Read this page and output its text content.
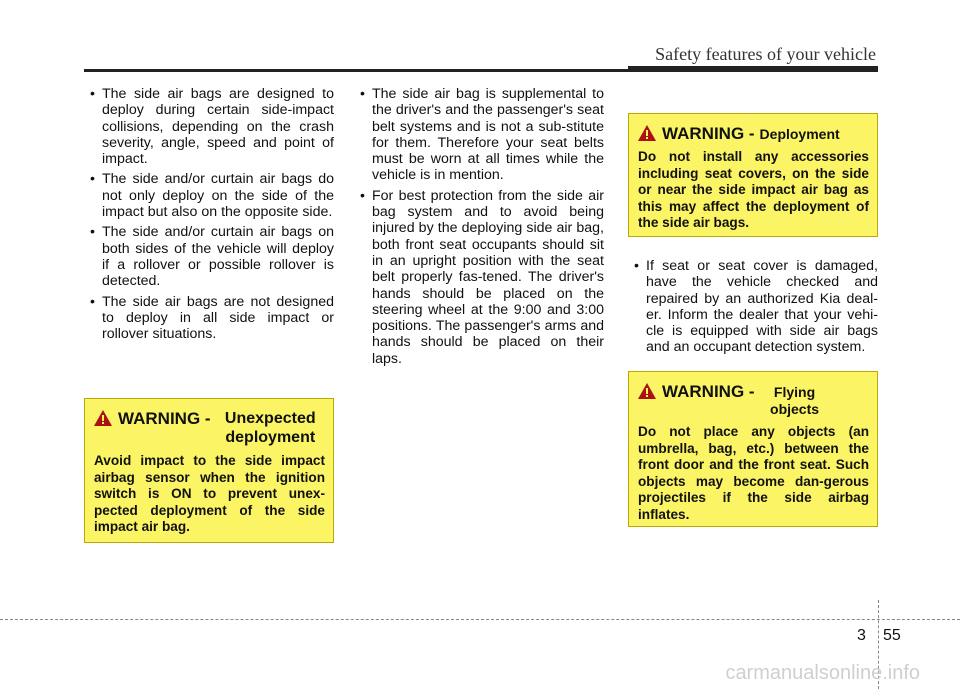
Safety features of your vehicle
• The side air bags are designed to deploy during certain side-impact collisions, depending on the crash severity, angle, speed and point of impact.
• The side and/or curtain air bags do not only deploy on the side of the impact but also on the opposite side.
• The side and/or curtain air bags on both sides of the vehicle will deploy if a rollover or possible rollover is detected.
• The side air bags are not designed to deploy in all side impact or rollover situations.
WARNING - Unexpected deployment
Avoid impact to the side impact airbag sensor when the ignition switch is ON to prevent unex-pected deployment of the side impact air bag.
• The side air bag is supplemental to the driver's and the passenger's seat belt systems and is not a sub-stitute for them. Therefore your seat belts must be worn at all times while the vehicle is in mention.
• For best protection from the side air bag system and to avoid being injured by the deploying side air bag, both front seat occupants should sit in an upright position with the seat belt properly fas-tened. The driver's hands should be placed on the steering wheel at the 9:00 and 3:00 positions. The passenger's arms and hands should be placed on their laps.
WARNING - Deployment
Do not install any accessories including seat covers, on the side or near the side impact air bag as this may affect the deployment of the side air bags.
• If seat or seat cover is damaged, have the vehicle checked and repaired by an authorized Kia deal-er. Inform the dealer that your vehi-cle is equipped with side air bags and an occupant detection system.
WARNING -	Flying objects
Do not place any objects (an umbrella, bag, etc.) between the front door and the front seat. Such objects may become dan-gerous projectiles if the side airbag inflates.
3 55
carmanualsonline.info
